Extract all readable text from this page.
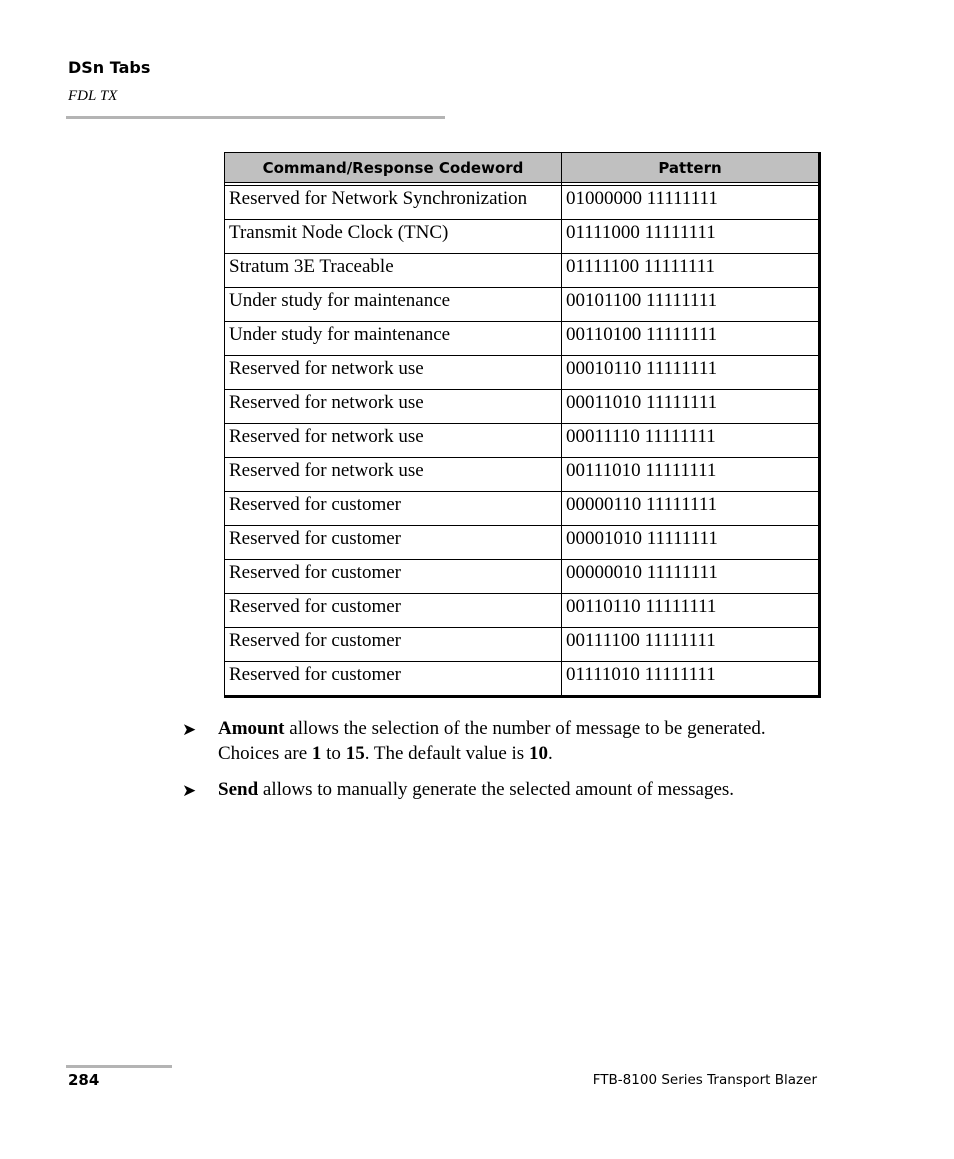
DSn Tabs
FDL TX
Command/Response Codeword	Pattern

Reserved for Network Synchronization	01000000 11111111
Transmit Node Clock (TNC)	01111000 11111111
Stratum 3E Traceable	01111100 11111111
Under study for maintenance	00101100 11111111
Under study for maintenance	00110100 11111111
Reserved for network use	00010110 11111111
Reserved for network use	00011010 11111111
Reserved for network use	00011110 11111111
Reserved for network use	00111010 11111111
Reserved for customer	00000110 11111111
Reserved for customer	00001010 11111111
Reserved for customer	00000010 11111111
Reserved for customer	00110110 11111111
Reserved for customer	00111100 11111111
Reserved for customer	01111010 11111111
➤ Amount allows the selection of the number of message to be generated. Choices are 1 to 15. The default value is 10.
➤ Send allows to manually generate the selected amount of messages.
284	FTB-8100 Series Transport Blazer
